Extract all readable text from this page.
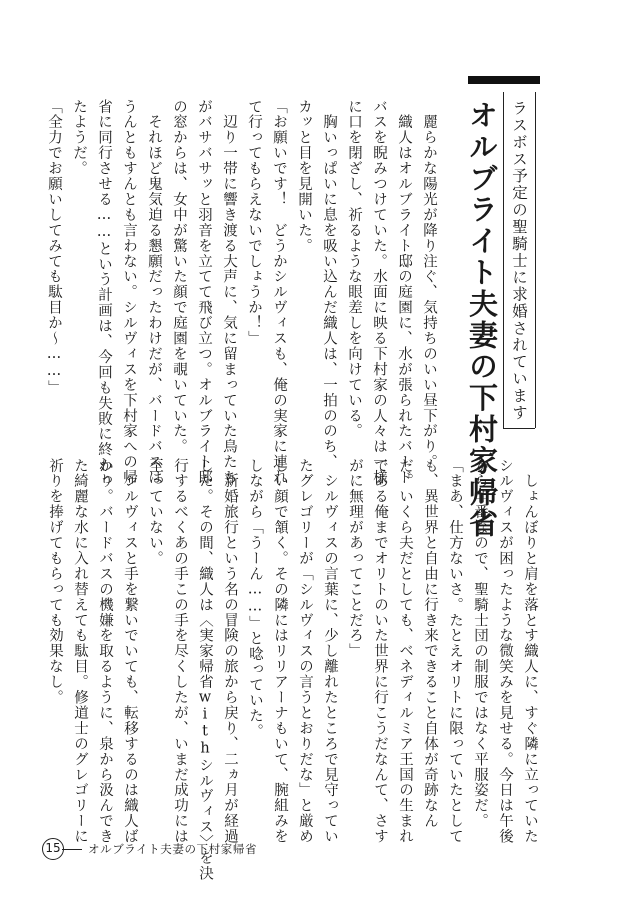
ラスボス予定の聖騎士に求婚されています

オルブライト夫妻の下村家帰省

　麗らかな陽光が降り注ぐ、気持ちのいい昼下がり。

　織人はオルブライト邸の庭園に、水が張られたバード

バスを睨みつけていた。水面に映る下村家の人々は一様

に口を閉ざし、祈るような眼差しを向けている。

　胸いっぱいに息を吸い込んだ織人は、一拍ののち、

カッと目を見開いた。

「お願いです！　どうかシルヴィスも、俺の実家に連れ

て行ってもらえないでしょうか！」

　辺り一帯に響き渡る大声に、気に留まっていた鳥たち

がバサバサッと羽音を立てて飛び立つ。オルブライト邸

の窓からは、女中が驚いた顔で庭園を覗いていた。

　それほど鬼気迫る懇願だったわけだが、バードバスは

うんともすんとも言わない。シルヴィスを下村家への帰

省に同行させる……という計画は、今回も失敗に終わっ

たようだ。

「全力でお願いしてみても駄目か〜……」

　しょんぼりと肩を落とす織人に、すぐ隣に立っていた

シルヴィスが困ったような微笑みを見せる。今日は午後

から非番なので、聖騎士団の制服ではなく平服姿だ。

「まあ、仕方ないさ。たとえオリトに限っていたとして

も、異世界と自由に行き来できること自体が奇跡なん

だ。いくら夫だとしても、ベネディルミア王国の生まれ

である俺までオリトのいた世界に行こうだなんて、さす

がに無理があってことだろ」

　シルヴィスの言葉に、少し離れたところで見守ってい

たグレゴリーが「シルヴィスの言うとおりだな」と厳め

しい顔で頷く。その隣にはリリアーナもいて、腕組みを

しながら「うーん……」と唸っていた。

　新婚旅行という名の冒険の旅から戻り、二ヵ月が経過

した。その間、織人は〈実家帰省withシルヴィス〉を決

行するべくあの手この手を尽くしたが、いまだ成功には

至っていない。

　シルヴィスと手を繋いでいても、転移するのは織人ば

かり。バードバスの機嫌を取るように、泉から汲んでき

た綺麗な水に入れ替えても駄目。修道士のグレゴリーに

祈りを捧げてもらっても効果なし。

15 オルブライト夫妻の下村家帰省
